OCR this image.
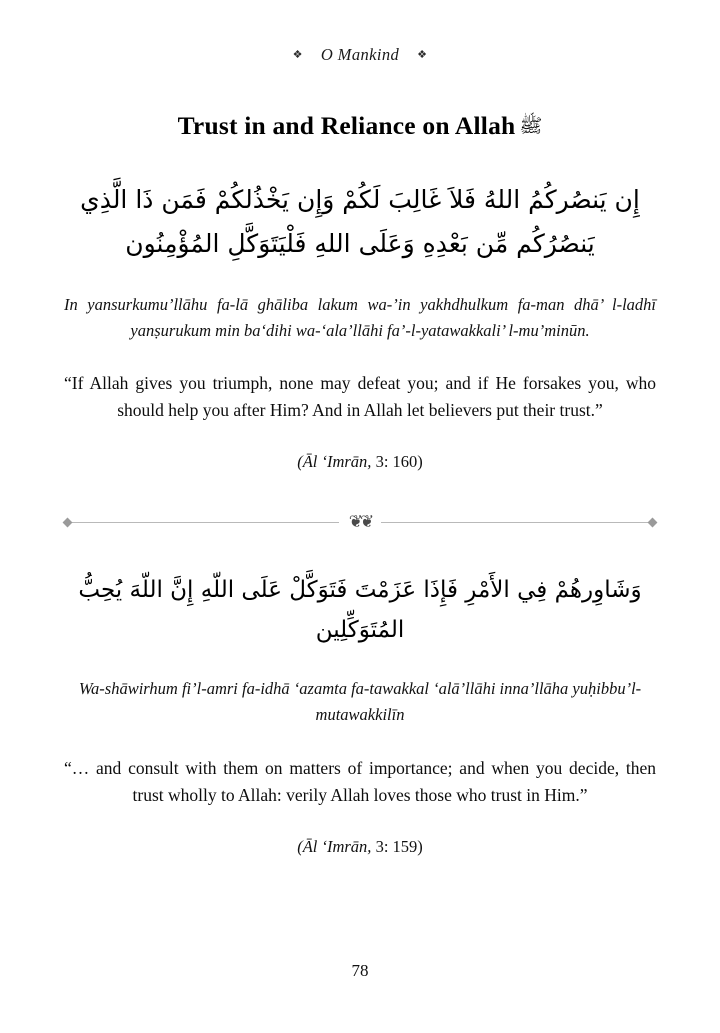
❖ O Mankind ❖
Trust in and Reliance on Allah ﷺ
إِن يَنصُركُمُ اللهُ فَلاَ غَالِبَ لَكُمْ وَإِن يَخْذُلكُمْ فَمَن ذَا الَّذِي يَنصُرُكُم مِّن بَعْدِهِ وَعَلَى اللهِ فَلْيَتَوَكَّلِ المُؤْمِنُون
In yansurkumu’llāhu fa-lā ghāliba lakum wa-’in yakhdhulkum fa-man dhā’ l-ladhī yanṣurukum min ba‘dihi wa-‘ala’llāhi fa’-l-yatawakkali’ l-mu’minūn.
“If Allah gives you triumph, none may defeat you; and if He forsakes you, who should help you after Him? And in Allah let believers put their trust.”
(Āl ‘Imrān, 3: 160)
❦❦
وَشَاوِرهُمْ فِي الأَمْرِ فَإِذَا عَزَمْتَ فَتَوَكَّلْ عَلَى اللّهِ إِنَّ اللّهَ يُحِبُّ المُتَوَكِّلِين
Wa-shāwirhum fi’l-amri fa-idhā ‘azamta fa-tawakkal ‘alā’llāhi inna’llāha yuḥibbu’l-mutawakkilīn
“… and consult with them on matters of importance; and when you decide, then trust wholly to Allah: verily Allah loves those who trust in Him.”
(Āl ‘Imrān, 3: 159)
78
